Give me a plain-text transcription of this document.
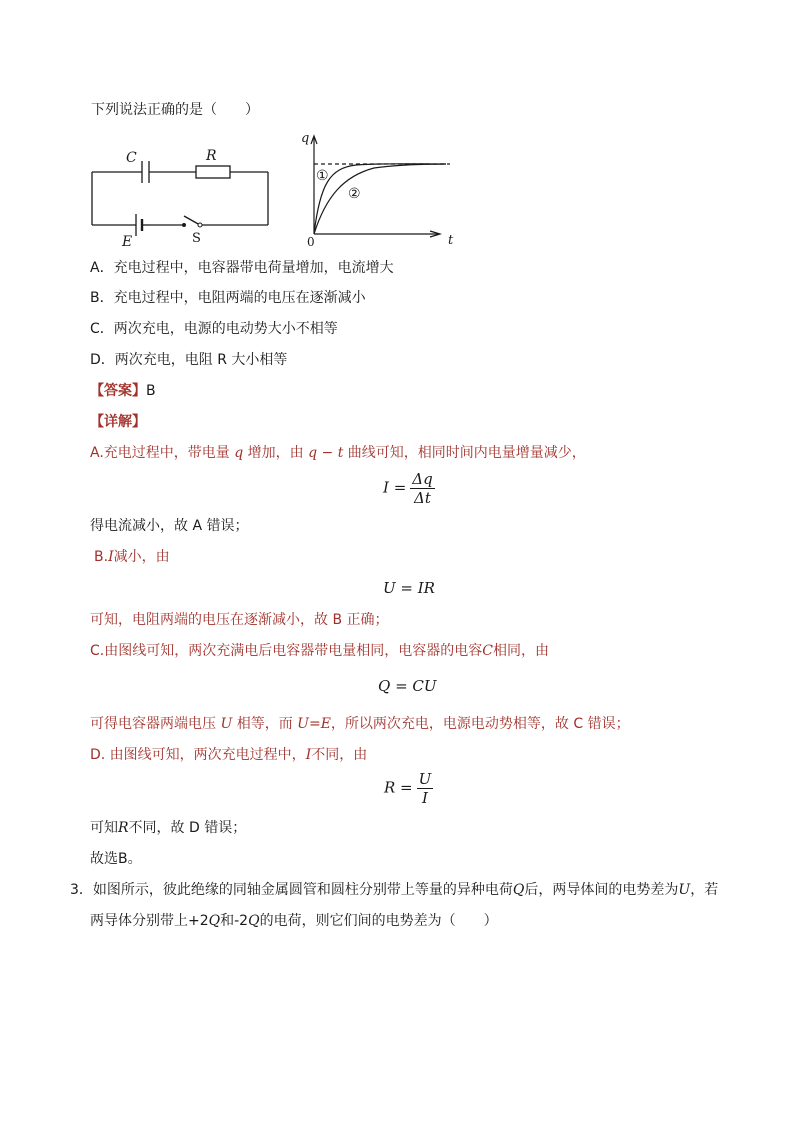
下列说法正确的是（　　）
C	R
E	S
q
t
0
①
②
A．充电过程中，电容器带电荷量增加，电流增大
B．充电过程中，电阻两端的电压在逐渐减小
C．两次充电，电源的电动势大小不相等
D．两次充电，电阻 R 大小相等
【答案】B
【详解】
A.充电过程中，带电量 q 增加，由 q − t 曲线可知，相同时间内电量增量减少，
$I = \frac{\Delta q}{\Delta t}$
得电流减小，故 A 错误；
B.I减小，由
U = IR
可知，电阻两端的电压在逐渐减小，故 B 正确；
C.由图线可知，两次充满电后电容器带电量相同，电容器的电容C相同，由
Q = CU
可得电容器两端电压 U 相等，而 U=E，所以两次充电，电源电动势相等，故 C 错误；
D. 由图线可知，两次充电过程中，I不同，由
$R = \frac{U}{I}$
可知R不同，故 D 错误；
故选B。
3．如图所示，彼此绝缘的同轴金属圆管和圆柱分别带上等量的异种电荷Q后，两导体间的电势差为U，若
两导体分别带上+2Q和-2Q的电荷，则它们间的电势差为（　　）
